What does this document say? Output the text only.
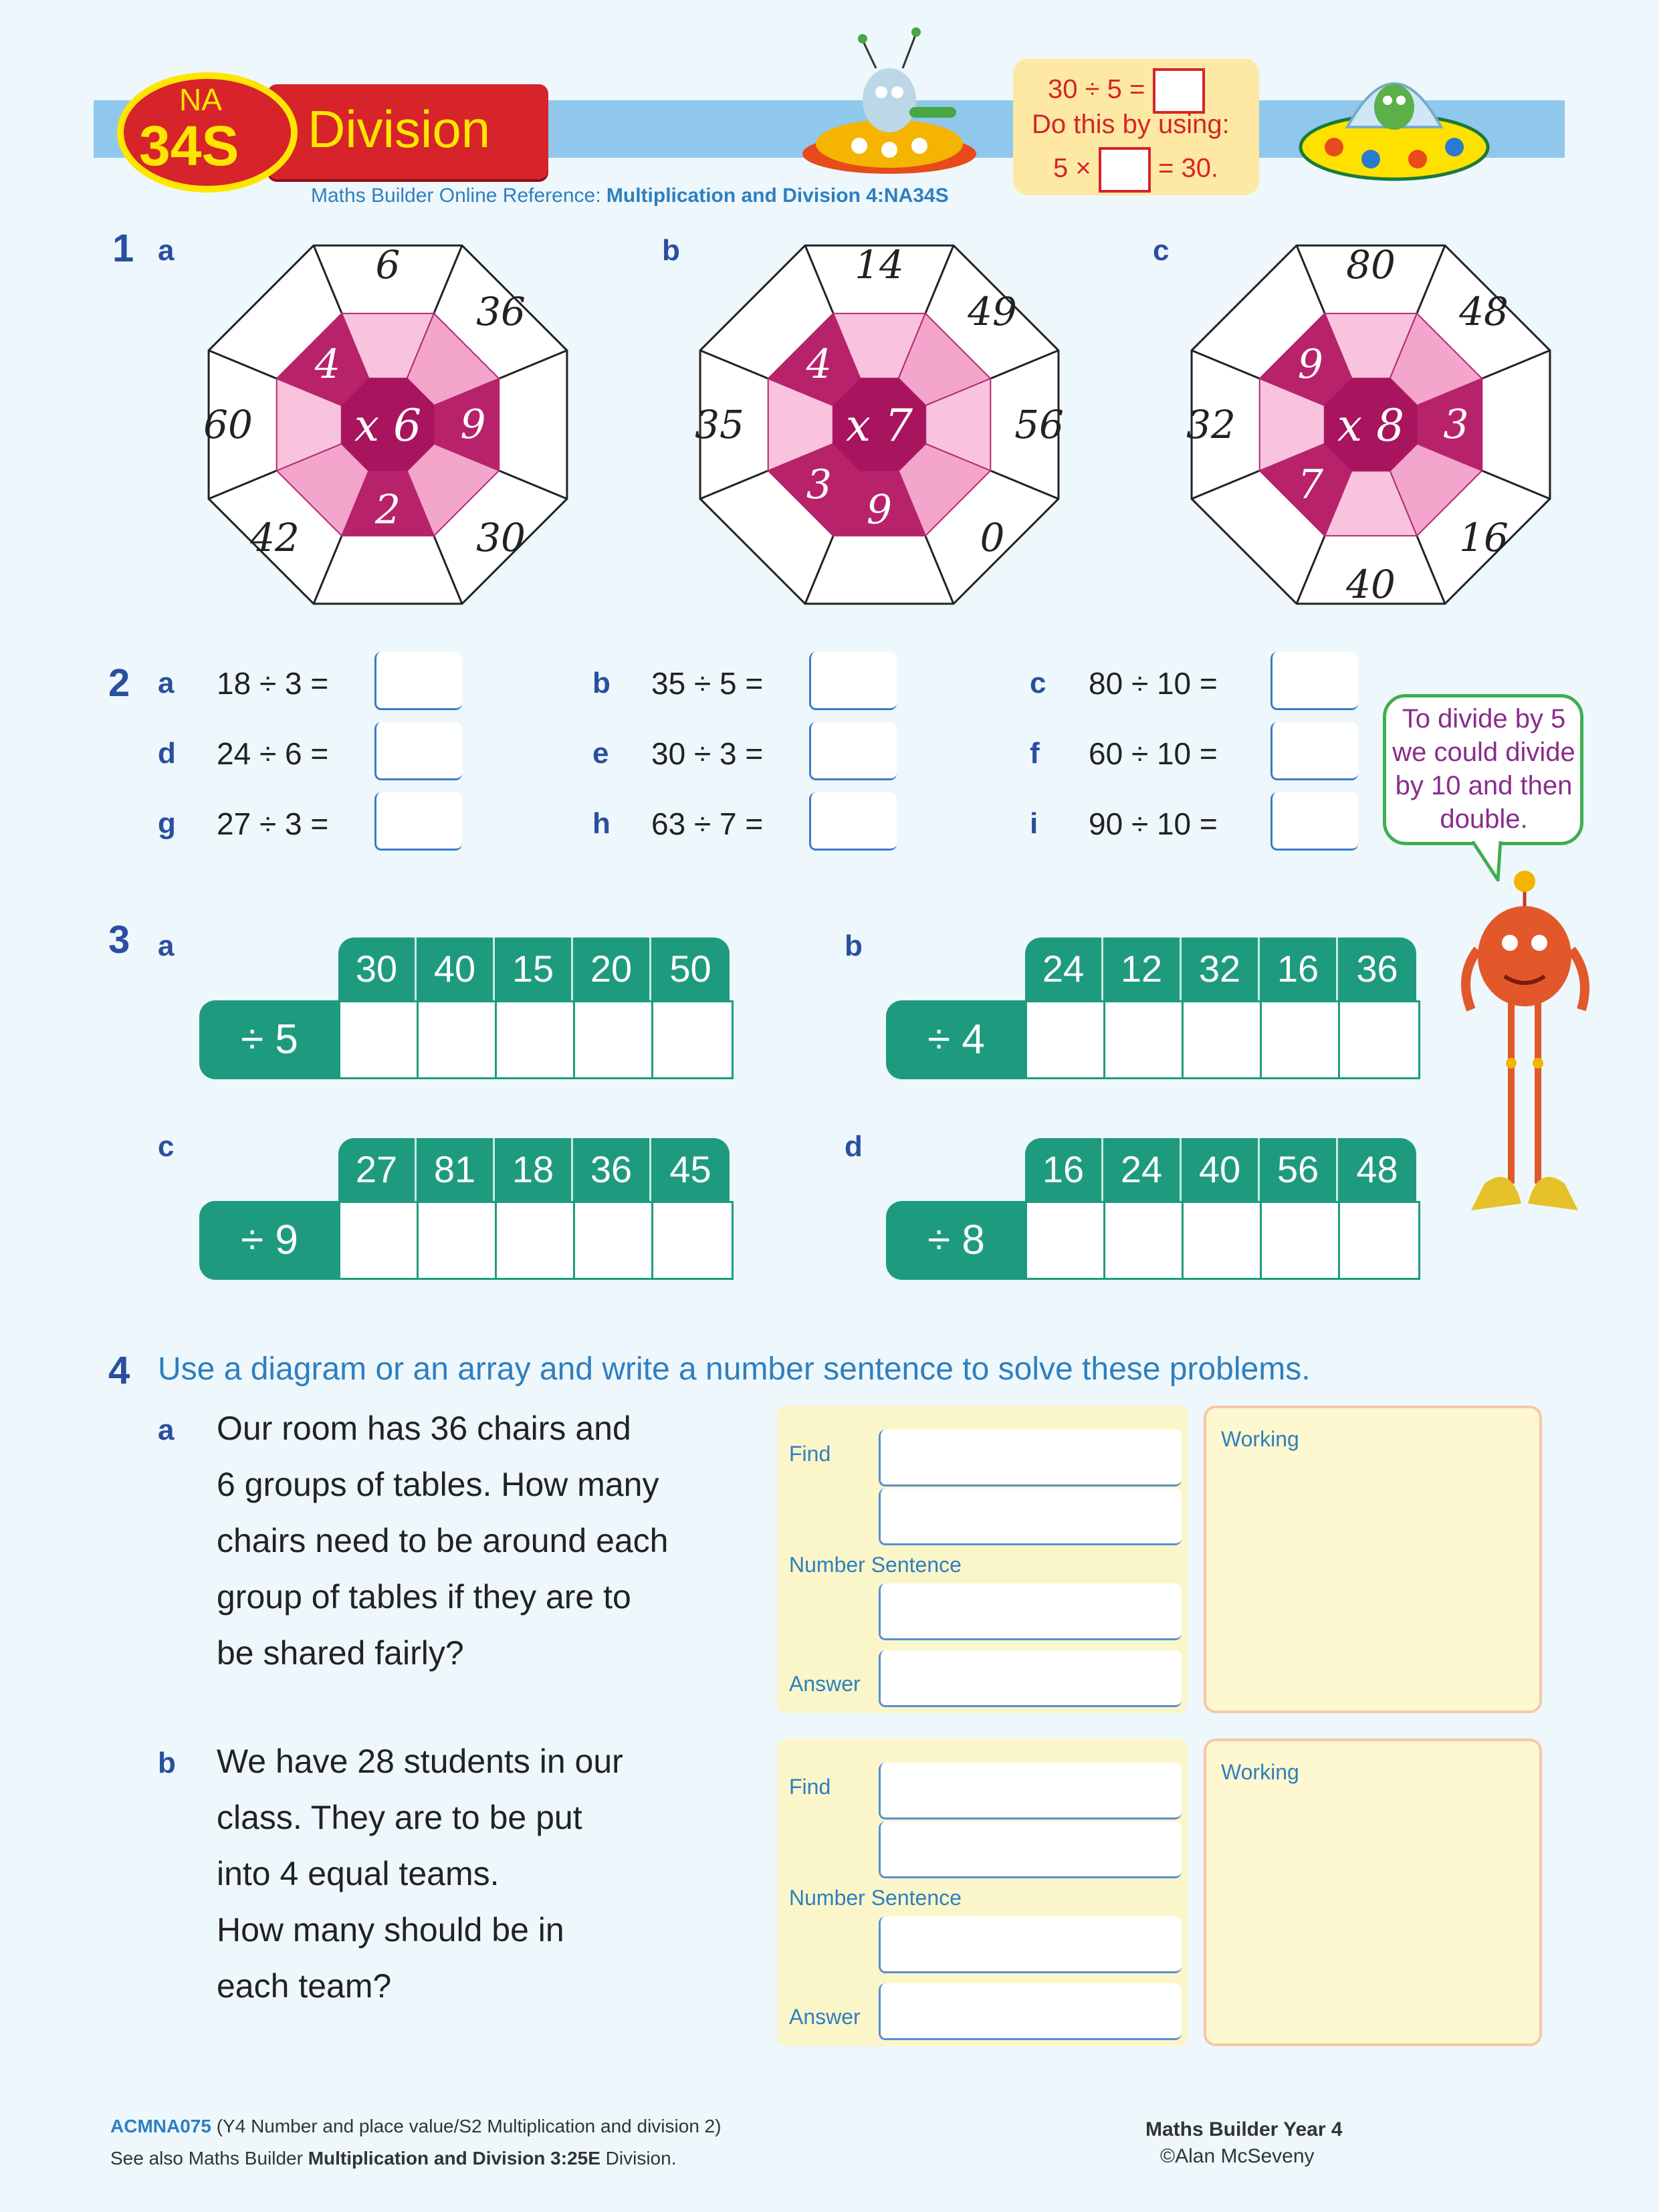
Division
NA
34S
Maths Builder Online Reference: Multiplication and Division 4:NA34S
30 ÷ 5 =
Do this by using:
5 ×	= 30.
1 a	b	c
x 6
4
9
2
6
36
30
42
60	x 7
4
9
3
14
49
56
0
35	x 8
9
3
7
80
48
16
40
32
2 a 18 ÷ 3 =	b 35 ÷ 5 =	c 80 ÷ 10 =
d 24 ÷ 6 =	e 30 ÷ 3 =	f 60 ÷ 10 =
g 27 ÷ 3 =	h 63 ÷ 7 =	i 90 ÷ 10 =
To divide by 5 we could divide by 10 and then double.
3 a
30 40 15 20	50
÷ 5
b
24 12 32 16	36
÷ 4
c
27 81 18 36	45
÷ 9
d
16 24 40 56	48
÷ 8
4 Use a diagram or an array and write a number sentence to solve these problems.
a Our room has 36 chairs and
6 groups of tables. How many
chairs need to be around each
group of tables if they are to
be shared fairly?
Find
Number Sentence
Answer
Working
b We have 28 students in our
class. They are to be put
into 4 equal teams.
How many should be in
each team?
Find
Number Sentence
Answer
Working
ACMNA075 (Y4 Number and place value/S2 Multiplication and division 2)
See also Maths Builder Multiplication and Division 3:25E Division.
Maths Builder Year 4
©Alan McSeveny
